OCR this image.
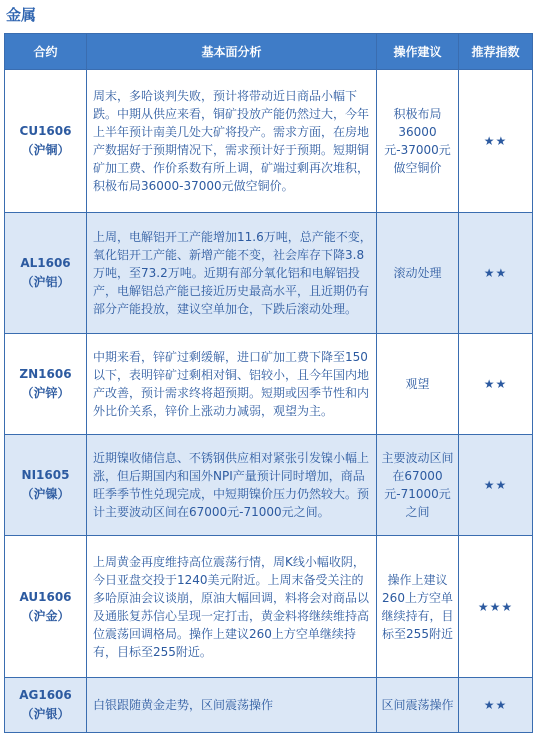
金属
合约	基本面分析	操作建议	推荐指数

CU1606
（沪铜）	周末，多哈谈判失败，预计将带动近日商品小幅下跌。中期从供应来看，铜矿投放产能仍然过大，今年上半年预计南美几处大矿将投产。需求方面，在房地产数据好于预期情况下，需求预计好于预期。短期铜矿加工费、作价系数有所上调，矿端过剩再次堆积，积极布局36000-37000元做空铜价。	积极布局36000元-37000元做空铜价	★★

AL1606
（沪铝）	上周，电解铝开工产能增加11.6万吨，总产能不变，氧化铝开工产能、新增产能不变，社会库存下降3.8万吨，至73.2万吨。近期有部分氧化铝和电解铝投产，电解铝总产能已接近历史最高水平，且近期仍有部分产能投放，建议空单加仓，下跌后滚动处理。	滚动处理	★★

ZN1606
（沪锌）	中期来看，锌矿过剩缓解，进口矿加工费下降至150以下，表明锌矿过剩相对铜、铝较小，且今年国内地产改善，预计需求终将超预期。短期或因季节性和内外比价关系，锌价上涨动力减弱，观望为主。	观望	★★

NI1605
（沪镍）	近期镍收储信息、不锈钢供应相对紧张引发镍小幅上涨，但后期国内和国外NPI产量预计同时增加，商品旺季季节性兑现完成，中短期镍价压力仍然较大。预计主要波动区间在67000元-71000元之间。	主要波动区间在67000元-71000元之间	★★

AU1606
（沪金）	上周黄金再度维持高位震荡行情，周K线小幅收阴，今日亚盘交投于1240美元附近。上周末备受关注的多哈原油会议谈崩，原油大幅回调，料将会对商品以及通胀复苏信心呈现一定打击，黄金料将继续维持高位震荡回调格局。操作上建议260上方空单继续持有，目标至255附近。	操作上建议260上方空单继续持有，目标至255附近	★★★

AG1606
（沪银）	白银跟随黄金走势，区间震荡操作	区间震荡操作	★★
